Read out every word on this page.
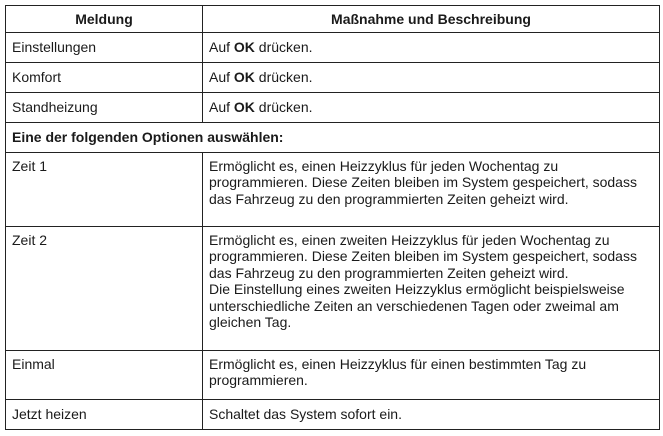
Meldung	Maßnahme und Beschreibung
Einstellungen	Auf OK drücken.
Komfort	Auf OK drücken.
Standheizung	Auf OK drücken.
Eine der folgenden Optionen auswählen:	
Zeit 1	Ermöglicht es, einen Heizzyklus für jeden Wochentag zu programmieren. Diese Zeiten bleiben im System gespeichert, sodass das Fahrzeug zu den programmierten Zeiten geheizt wird.
Zeit 2	Ermöglicht es, einen zweiten Heizzyklus für jeden Wochentag zu programmieren. Diese Zeiten bleiben im System gespeichert, sodass das Fahrzeug zu den programmierten Zeiten geheizt wird.
Die Einstellung eines zweiten Heizzyklus ermöglicht beispielsweise unterschiedliche Zeiten an verschiedenen Tagen oder zweimal am gleichen Tag.

Einmal	Ermöglicht es, einen Heizzyklus für einen bestimmten Tag zu programmieren.
Jetzt heizen	Schaltet das System sofort ein.
